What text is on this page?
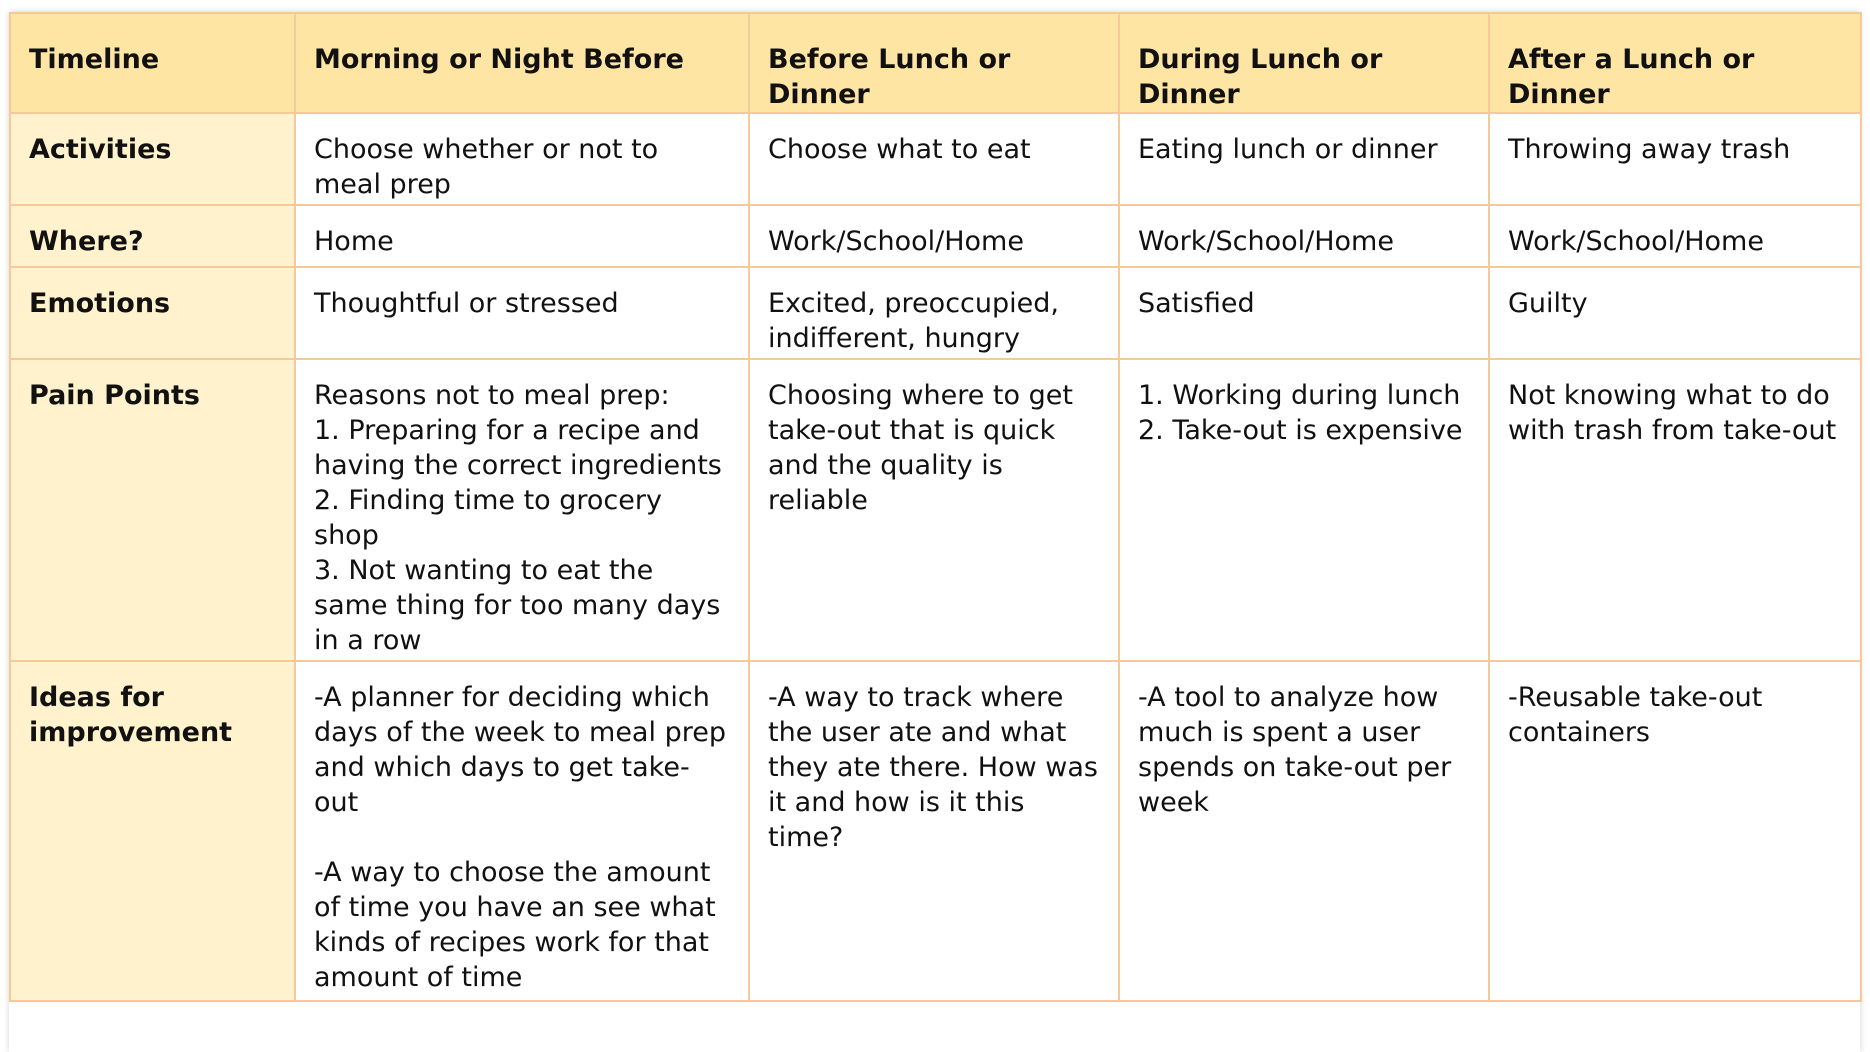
Timeline	Morning or Night Before	Before Lunch or Dinner	During Lunch or Dinner	After a Lunch or Dinner
Activities	Choose whether or not to meal prep	Choose what to eat	Eating lunch or dinner	Throwing away trash
Where?	Home	Work/School/Home	Work/School/Home	Work/School/Home
Emotions	Thoughtful or stressed	Excited, preoccupied, indifferent, hungry	Satisfied	Guilty
Pain Points	Reasons not to meal prep:
1. Preparing for a recipe and having the correct ingredients
2. Finding time to grocery shop
3. Not wanting to eat the same thing for too many days in a row	Choosing where to get take-out that is quick and the quality is reliable	1. Working during lunch
2. Take-out is expensive	Not knowing what to do with trash from take-out
Ideas for improvement	-A planner for deciding which days of the week to meal prep and which days to get take-out

-A way to choose the amount of time you have an see what kinds of recipes work for that amount of time	-A way to track where the user ate and what they ate there. How was it and how is it this time?	-A tool to analyze how much is spent a user spends on take-out per week	-Reusable take-out containers
